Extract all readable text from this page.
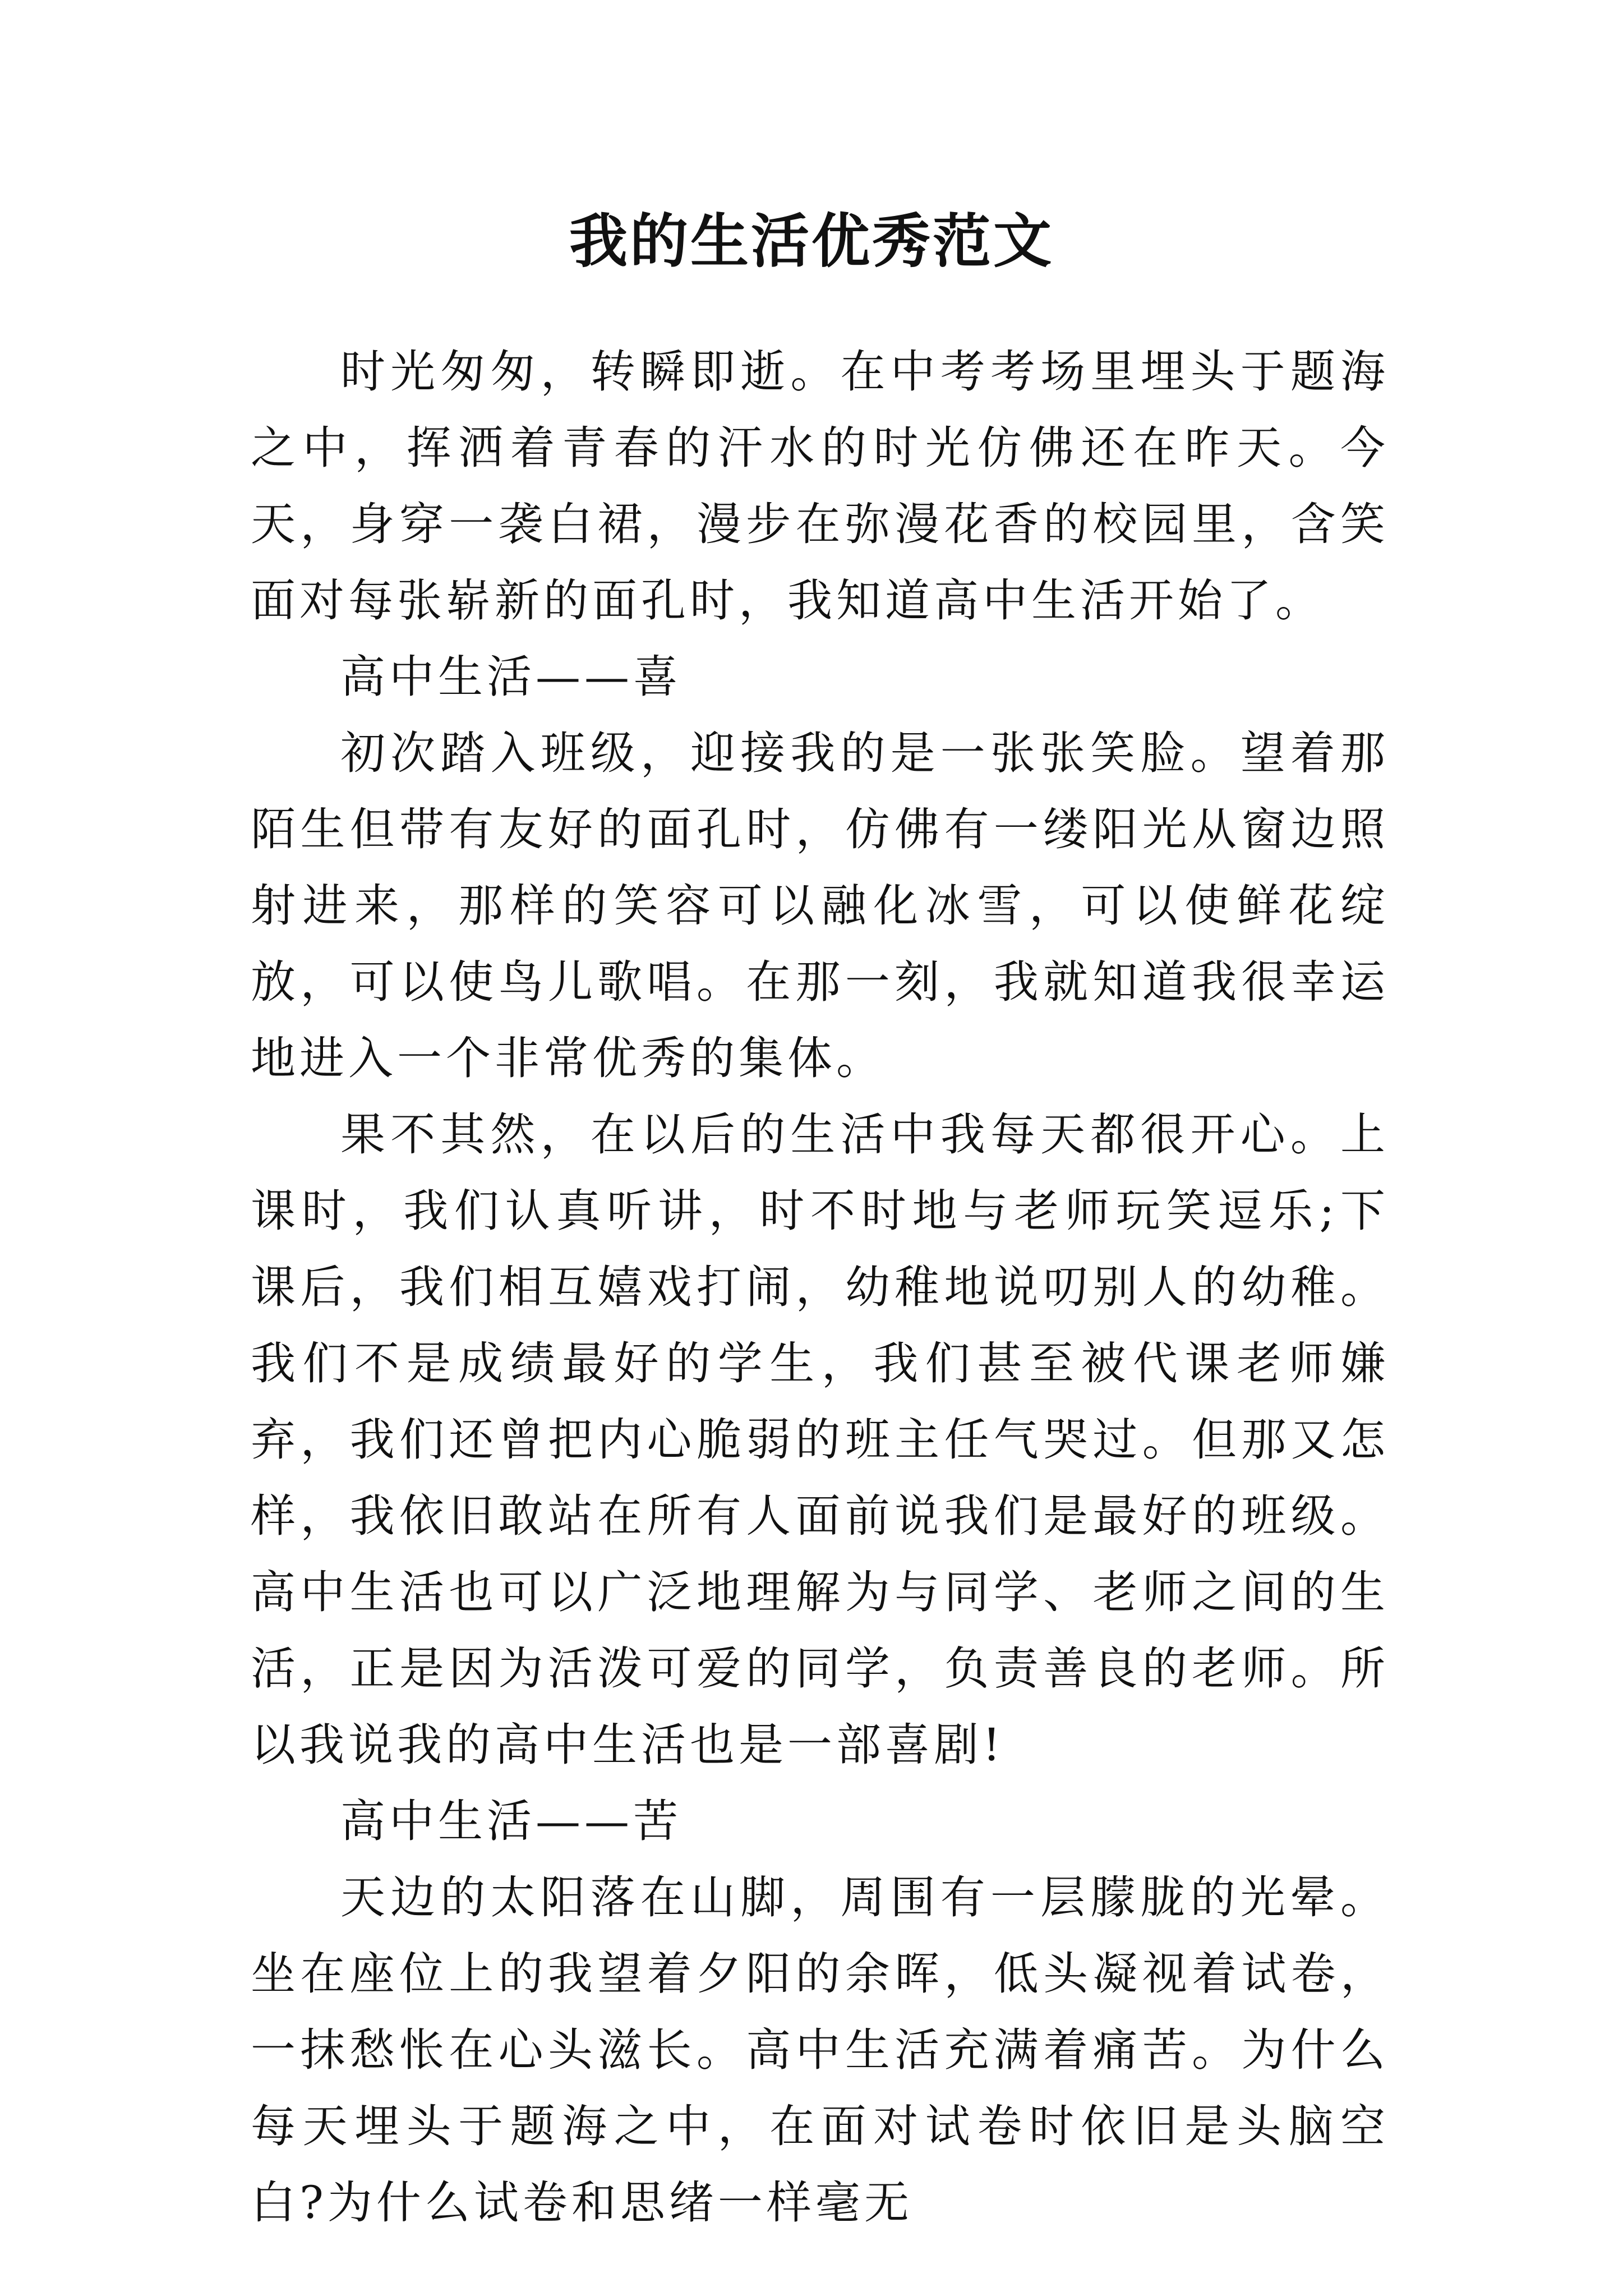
我的生活优秀范文

时光匆匆，转瞬即逝。在中考考场里埋头于题海之中，挥洒着青春的汗水的时光仿佛还在昨天。今天，身穿一袭白裙，漫步在弥漫花香的校园里，含笑面对每张崭新的面孔时，我知道高中生活开始了。

高中生活——喜

初次踏入班级，迎接我的是一张张笑脸。望着那陌生但带有友好的面孔时，仿佛有一缕阳光从窗边照射进来，那样的笑容可以融化冰雪，可以使鲜花绽放，可以使鸟儿歌唱。在那一刻，我就知道我很幸运地进入一个非常优秀的集体。

果不其然，在以后的生活中我每天都很开心。上课时，我们认真听讲，时不时地与老师玩笑逗乐;下课后，我们相互嬉戏打闹，幼稚地说叨别人的幼稚。我们不是成绩最好的学生，我们甚至被代课老师嫌弃，我们还曾把内心脆弱的班主任气哭过。但那又怎样，我依旧敢站在所有人面前说我们是最好的班级。高中生活也可以广泛地理解为与同学、老师之间的生活，正是因为活泼可爱的同学，负责善良的老师。所以我说我的高中生活也是一部喜剧!

高中生活——苦

天边的太阳落在山脚，周围有一层朦胧的光晕。坐在座位上的我望着夕阳的余晖，低头凝视着试卷，一抹愁怅在心头滋长。高中生活充满着痛苦。为什么每天埋头于题海之中，在面对试卷时依旧是头脑空白?为什么试卷和思绪一样毫无
